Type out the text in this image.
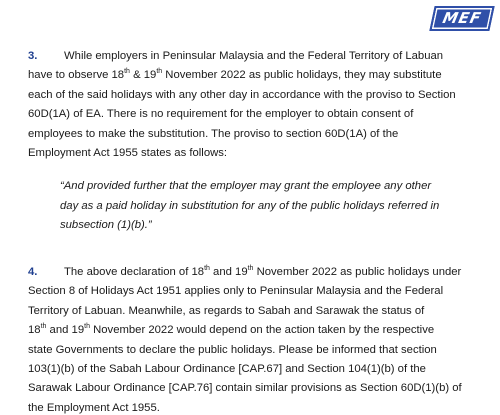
MEF
3. While employers in Peninsular Malaysia and the Federal Territory of Labuan
have to observe 18th & 19th November 2022 as public holidays, they may substitute
each of the said holidays with any other day in accordance with the proviso to Section
60D(1A) of EA. There is no requirement for the employer to obtain consent of
employees to make the substitution. The proviso to section 60D(1A) of the
Employment Act 1955 states as follows:
“And provided further that the employer may grant the employee any other
day as a paid holiday in substitution for any of the public holidays referred in
subsection (1)(b).”
4. The above declaration of 18th and 19th November 2022 as public holidays under
Section 8 of Holidays Act 1951 applies only to Peninsular Malaysia and the Federal
Territory of Labuan. Meanwhile, as regards to Sabah and Sarawak the status of
18th and 19th November 2022 would depend on the action taken by the respective
state Governments to declare the public holidays. Please be informed that section
103(1)(b) of the Sabah Labour Ordinance [CAP.67] and Section 104(1)(b) of the
Sarawak Labour Ordinance [CAP.76] contain similar provisions as Section 60D(1)(b) of
the Employment Act 1955.
